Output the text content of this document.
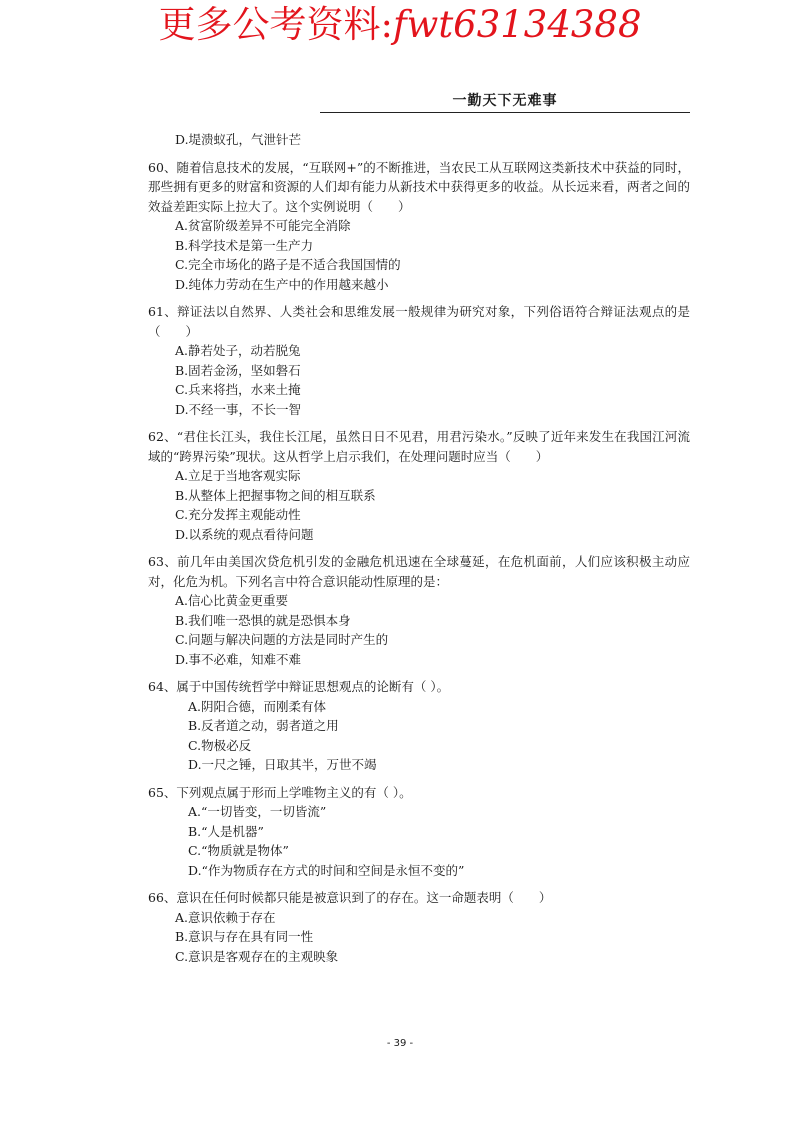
更多公考资料:fwt63134388
一勤天下无难事
D.堤溃蚁孔，气泄针芒
60、随着信息技术的发展，“互联网+”的不断推进，当农民工从互联网这类新技术中获益的同时，那些拥有更多的财富和资源的人们却有能力从新技术中获得更多的收益。从长远来看，两者之间的效益差距实际上拉大了。这个实例说明（　　）
A.贫富阶级差异不可能完全消除
B.科学技术是第一生产力
C.完全市场化的路子是不适合我国国情的
D.纯体力劳动在生产中的作用越来越小
61、辩证法以自然界、人类社会和思维发展一般规律为研究对象，下列俗语符合辩证法观点的是（　　）
A.静若处子，动若脱兔
B.固若金汤，坚如磐石
C.兵来将挡，水来土掩
D.不经一事，不长一智
62、“君住长江头，我住长江尾，虽然日日不见君，用君污染水。”反映了近年来发生在我国江河流域的“跨界污染”现状。这从哲学上启示我们，在处理问题时应当（　　）
A.立足于当地客观实际
B.从整体上把握事物之间的相互联系
C.充分发挥主观能动性
D.以系统的观点看待问题
63、前几年由美国次贷危机引发的金融危机迅速在全球蔓延，在危机面前，人们应该积极主动应对，化危为机。下列名言中符合意识能动性原理的是：
A.信心比黄金更重要
B.我们唯一恐惧的就是恐惧本身
C.问题与解决问题的方法是同时产生的
D.事不必难，知难不难
64、属于中国传统哲学中辩证思想观点的论断有（ ）。
A.阴阳合德，而刚柔有体
B.反者道之动，弱者道之用
C.物极必反
D.一尺之锤，日取其半，万世不竭
65、下列观点属于形而上学唯物主义的有（ ）。
A.“一切皆变，一切皆流”
B.“人是机器”
C.“物质就是物体”
D.“作为物质存在方式的时间和空间是永恒不变的”
66、意识在任何时候都只能是被意识到了的存在。这一命题表明（　　）
A.意识依赖于存在
B.意识与存在具有同一性
C.意识是客观存在的主观映象
- 39 -
